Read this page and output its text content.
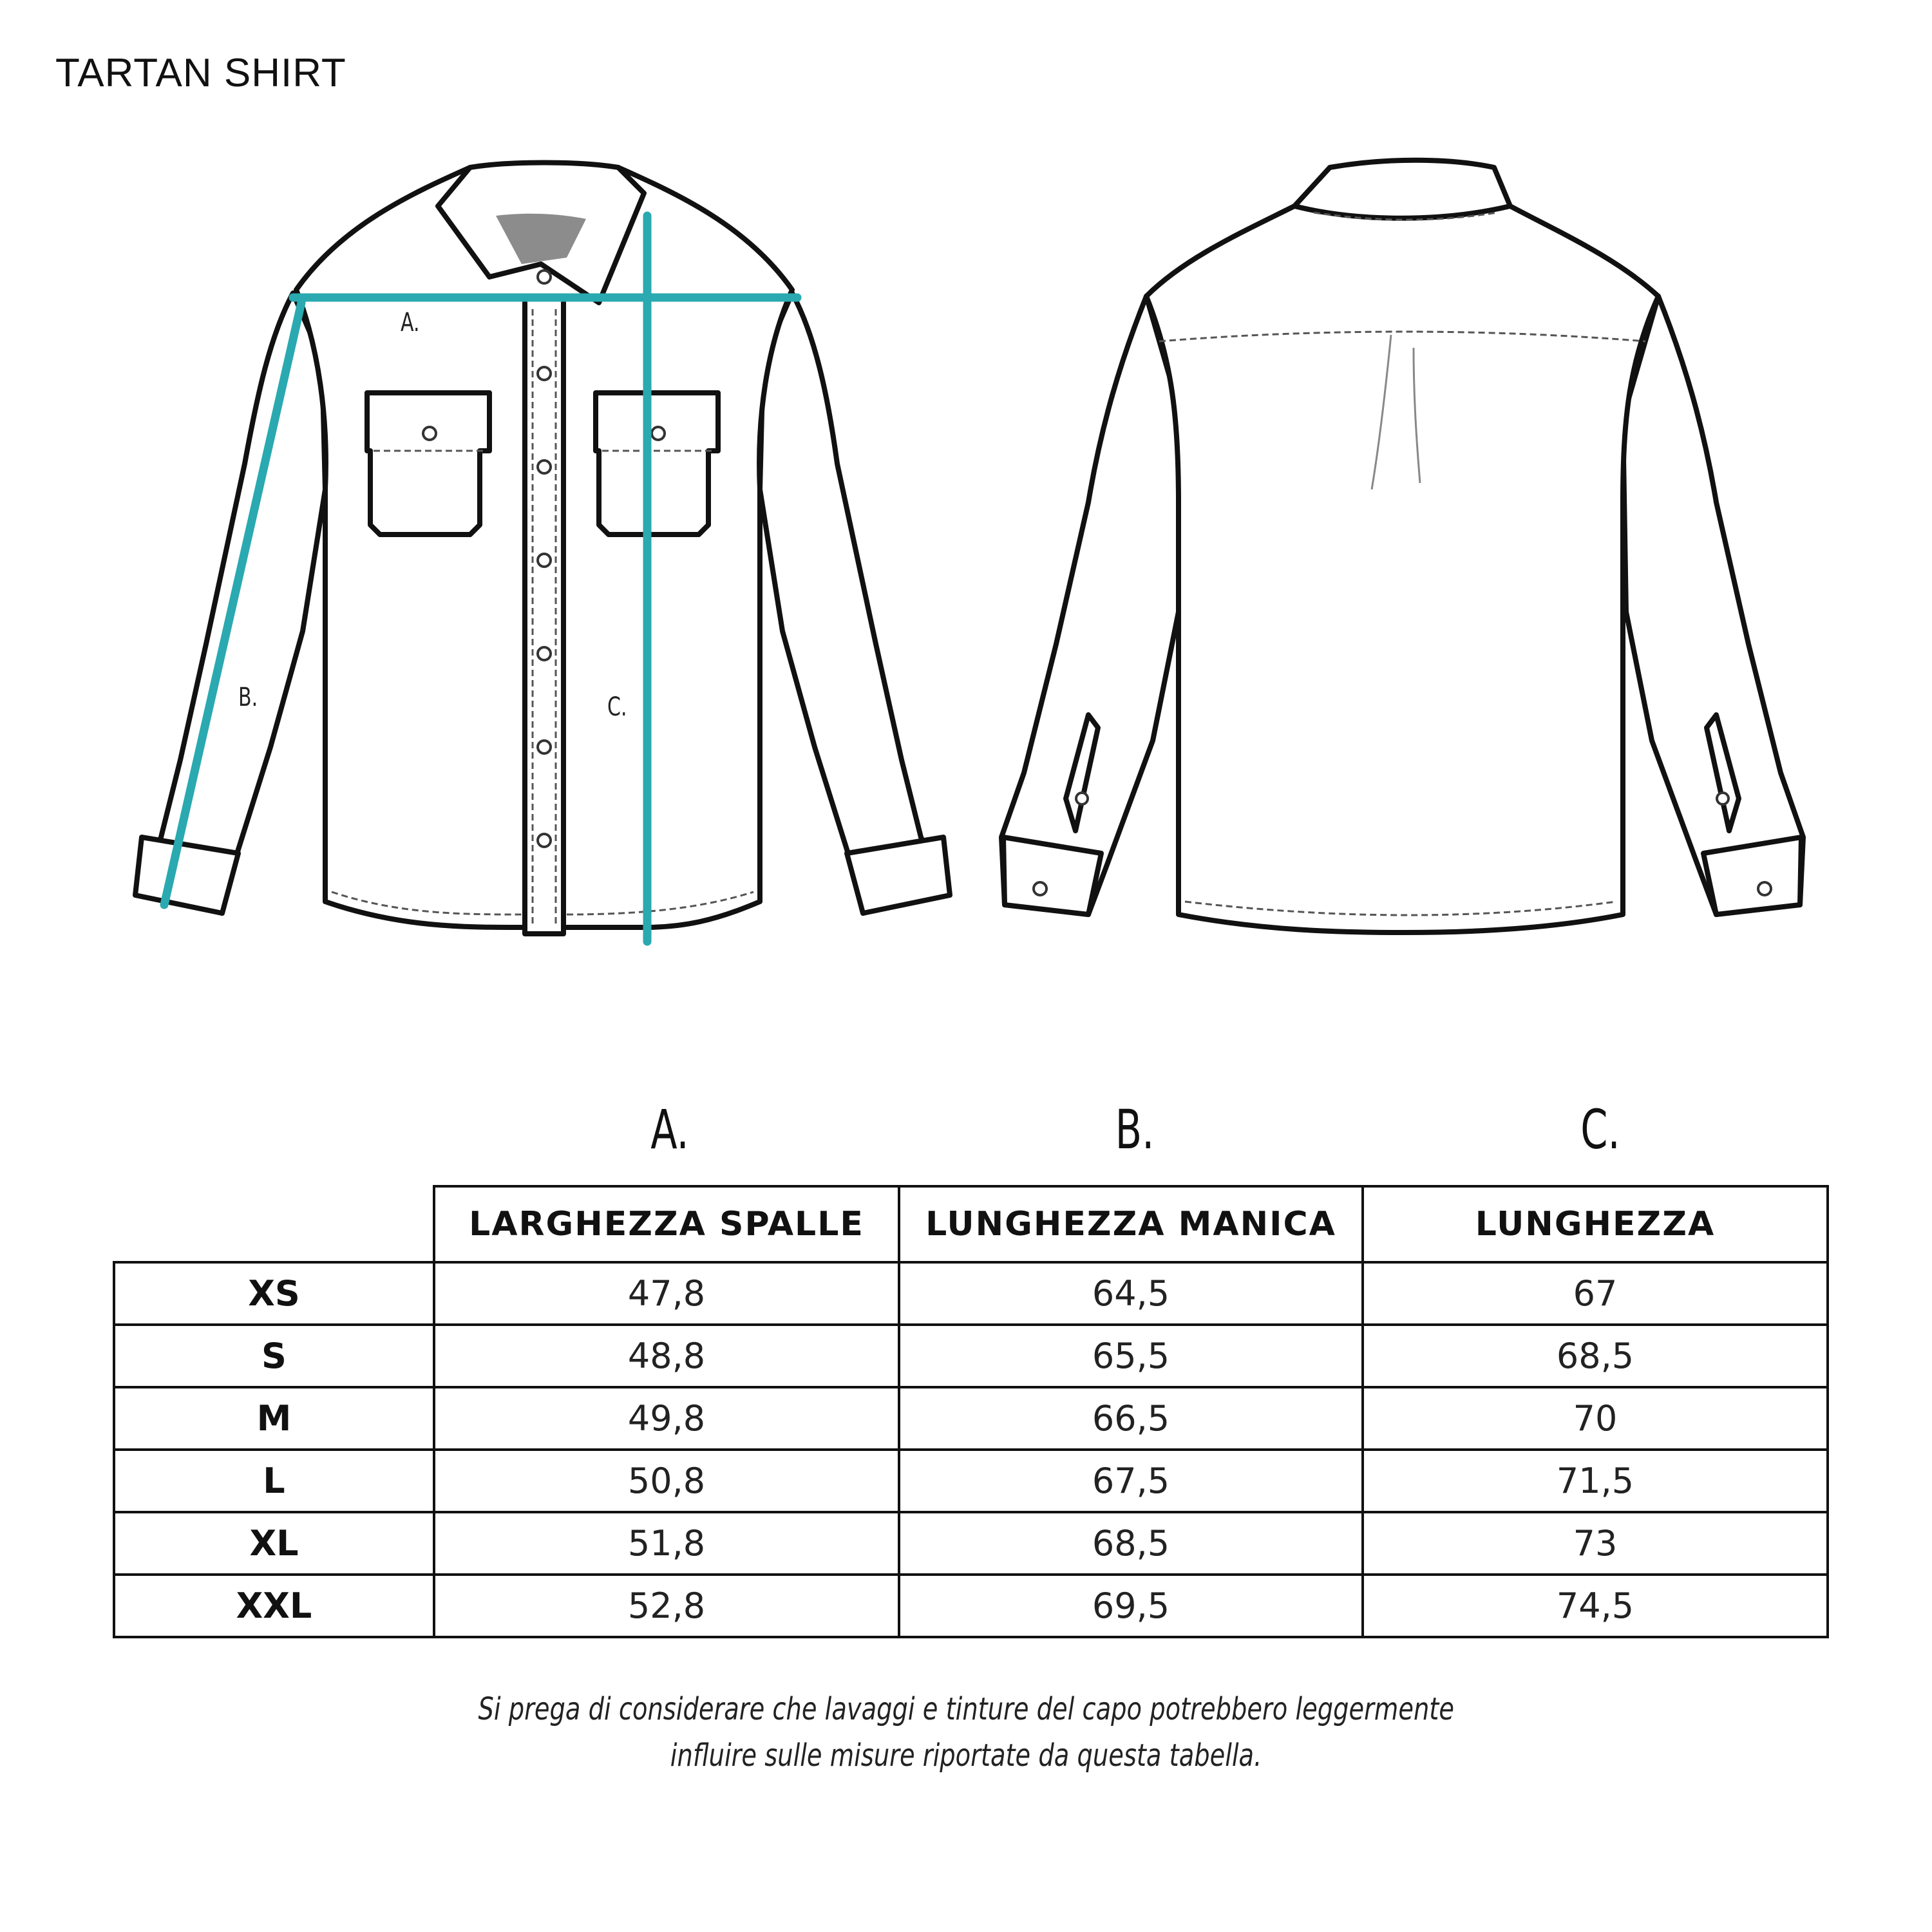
TARTAN SHIRT
A.
B.	C.
A.	B.	C.
	LARGHEZZA SPALLE	LUNGHEZZA MANICA	LUNGHEZZA
XS	47,8	64,5	67
S	48,8	65,5	68,5
M	49,8	66,5	70
L	50,8	67,5	71,5
XL	51,8	68,5	73
XXL	52,8	69,5	74,5
Si prega di considerare che lavaggi e tinture del capo potrebbero leggermente
influire sulle misure riportate da questa tabella.
